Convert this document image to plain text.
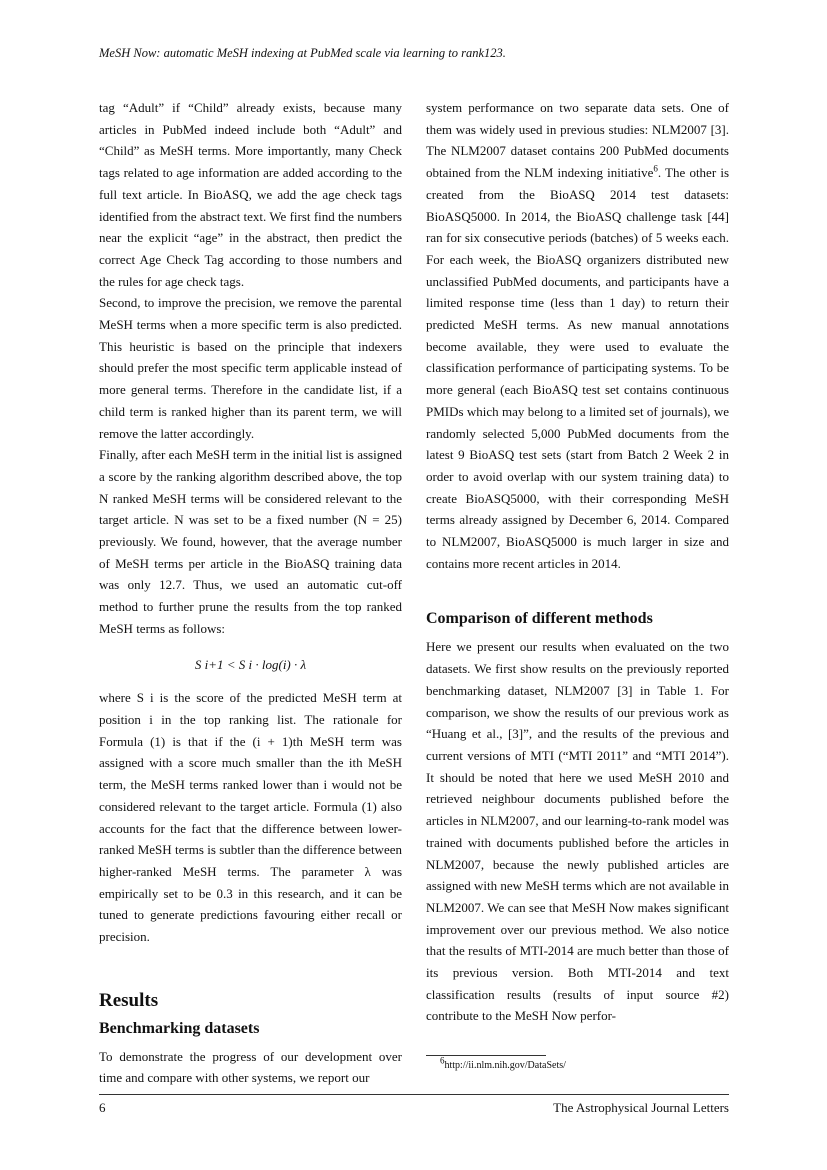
MeSH Now: automatic MeSH indexing at PubMed scale via learning to rank123.

tag “Adult” if “Child” already exists, because many articles in PubMed indeed include both “Adult” and “Child” as MeSH terms. More importantly, many Check tags related to age information are added according to the full text article. In BioASQ, we add the age check tags identified from the abstract text. We first find the numbers near the explicit “age” in the abstract, then predict the correct Age Check Tag according to those numbers and the rules for age check tags.

Second, to improve the precision, we remove the parental MeSH terms when a more specific term is also predicted. This heuristic is based on the principle that indexers should prefer the most specific term applicable instead of more general terms. Therefore in the candidate list, if a child term is ranked higher than its parent term, we will remove the latter accordingly.

Finally, after each MeSH term in the initial list is assigned a score by the ranking algorithm described above, the top N ranked MeSH terms will be considered relevant to the target article. N was set to be a fixed number (N = 25) previously. We found, however, that the average number of MeSH terms per article in the BioASQ training data was only 12.7. Thus, we used an automatic cut-off method to further prune the results from the top ranked MeSH terms as follows:

S i+1 < S i · log(i) · λ

where S i is the score of the predicted MeSH term at position i in the top ranking list. The rationale for Formula (1) is that if the (i + 1)th MeSH term was assigned with a score much smaller than the ith MeSH term, the MeSH terms ranked lower than i would not be considered relevant to the target article. Formula (1) also accounts for the fact that the difference between lower-ranked MeSH terms is subtler than the difference between higher-ranked MeSH terms. The parameter λ was empirically set to be 0.3 in this research, and it can be tuned to generate predictions favouring either recall or precision.

Results
Benchmarking datasets

To demonstrate the progress of our development over time and compare with other systems, we report our

system performance on two separate data sets. One of them was widely used in previous studies: NLM2007 [3]. The NLM2007 dataset contains 200 PubMed documents obtained from the NLM indexing initiative$^6$. The other is created from the BioASQ 2014 test datasets: BioASQ5000. In 2014, the BioASQ challenge task [44] ran for six consecutive periods (batches) of 5 weeks each. For each week, the BioASQ organizers distributed new unclassified PubMed documents, and participants have a limited response time (less than 1 day) to return their predicted MeSH terms. As new manual annotations become available, they were used to evaluate the classification performance of participating systems. To be more general (each BioASQ test set contains continuous PMIDs which may belong to a limited set of journals), we randomly selected 5,000 PubMed documents from the latest 9 BioASQ test sets (start from Batch 2 Week 2 in order to avoid overlap with our system training data) to create BioASQ5000, with their corresponding MeSH terms already assigned by December 6, 2014. Compared to NLM2007, BioASQ5000 is much larger in size and contains more recent articles in 2014.

Comparison of different methods

Here we present our results when evaluated on the two datasets. We first show results on the previously reported benchmarking dataset, NLM2007 [3] in Table 1. For comparison, we show the results of our previous work as “Huang et al., [3]”, and the results of the previous and current versions of MTI (“MTI 2011” and “MTI 2014”). It should be noted that here we used MeSH 2010 and retrieved neighbour documents published before the articles in NLM2007, and our learning-to-rank model was trained with documents published before the articles in NLM2007, because the newly published articles are assigned with new MeSH terms which are not available in NLM2007. We can see that MeSH Now makes significant improvement over our previous method. We also notice that the results of MTI-2014 are much better than those of its previous version. Both MTI-2014 and text classification results (results of input source #2) contribute to the MeSH Now perfor-

$^6$http://ii.nlm.nih.gov/DataSets/
6	The Astrophysical Journal Letters
